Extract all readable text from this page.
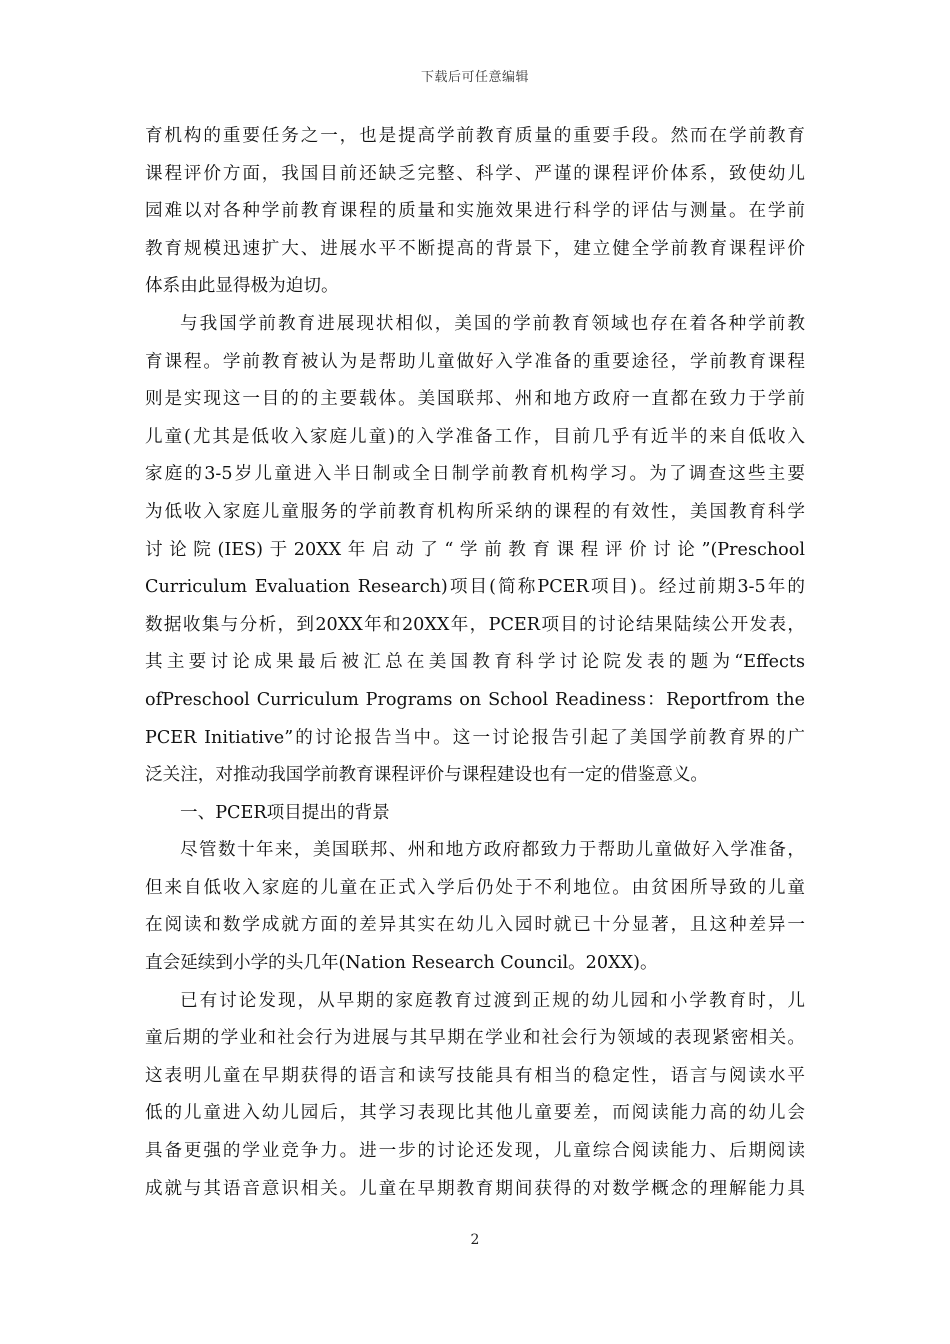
下载后可任意编辑
育机构的重要任务之一，也是提高学前教育质量的重要手段。然而在学前教育
课程评价方面，我国目前还缺乏完整、科学、严谨的课程评价体系，致使幼儿
园难以对各种学前教育课程的质量和实施效果进行科学的评估与测量。在学前
教育规模迅速扩大、进展水平不断提高的背景下，建立健全学前教育课程评价
体系由此显得极为迫切。
与我国学前教育进展现状相似，美国的学前教育领域也存在着各种学前教
育课程。学前教育被认为是帮助儿童做好入学准备的重要途径，学前教育课程
则是实现这一目的的主要载体。美国联邦、州和地方政府一直都在致力于学前
儿童(尤其是低收入家庭儿童)的入学准备工作，目前几乎有近半的来自低收入
家庭的3-5岁儿童进入半日制或全日制学前教育机构学习。为了调查这些主要
为低收入家庭儿童服务的学前教育机构所采纳的课程的有效性，美国教育科学
讨论院(IES)于20XX年启动了“学前教育课程评价讨论”(Preschool
Curriculum Evaluation Research)项目(简称PCER项目)。经过前期3-5年的
数据收集与分析，到20XX年和20XX年，PCER项目的讨论结果陆续公开发表，
其主要讨论成果最后被汇总在美国教育科学讨论院发表的题为“Effects
ofPreschool Curriculum Programs on School Readiness：Reportfrom the
PCER Initiative”的讨论报告当中。这一讨论报告引起了美国学前教育界的广
泛关注，对推动我国学前教育课程评价与课程建设也有一定的借鉴意义。
一、PCER项目提出的背景
尽管数十年来，美国联邦、州和地方政府都致力于帮助儿童做好入学准备，
但来自低收入家庭的儿童在正式入学后仍处于不利地位。由贫困所导致的儿童
在阅读和数学成就方面的差异其实在幼儿入园时就已十分显著，且这种差异一
直会延续到小学的头几年(Nation Research Council。20XX)。
已有讨论发现，从早期的家庭教育过渡到正规的幼儿园和小学教育时，儿
童后期的学业和社会行为进展与其早期在学业和社会行为领域的表现紧密相关。
这表明儿童在早期获得的语言和读写技能具有相当的稳定性，语言与阅读水平
低的儿童进入幼儿园后，其学习表现比其他儿童要差，而阅读能力高的幼儿会
具备更强的学业竞争力。进一步的讨论还发现，儿童综合阅读能力、后期阅读
成就与其语音意识相关。儿童在早期教育期间获得的对数学概念的理解能力具
2
